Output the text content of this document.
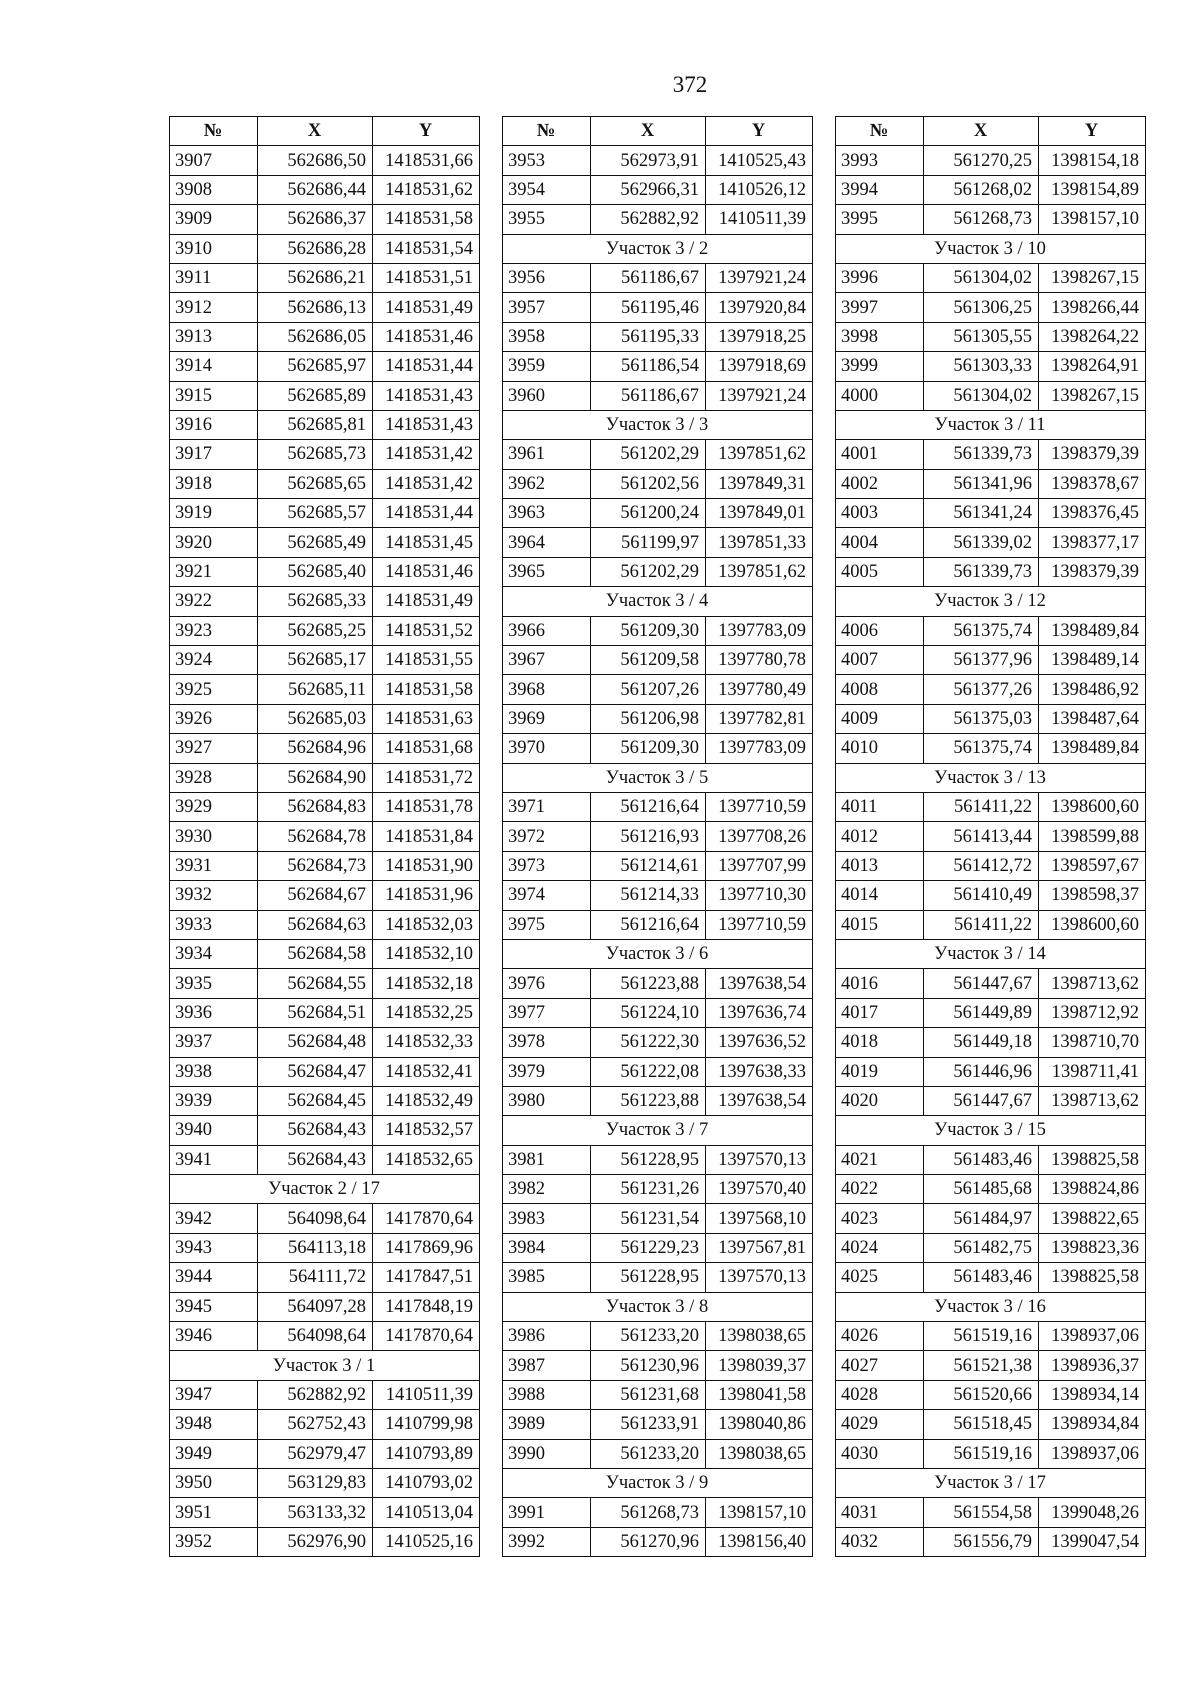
372
№	X	Y
3907	562686,50	1418531,66
3908	562686,44	1418531,62
3909	562686,37	1418531,58
3910	562686,28	1418531,54
3911	562686,21	1418531,51
3912	562686,13	1418531,49
3913	562686,05	1418531,46
3914	562685,97	1418531,44
3915	562685,89	1418531,43
3916	562685,81	1418531,43
3917	562685,73	1418531,42
3918	562685,65	1418531,42
3919	562685,57	1418531,44
3920	562685,49	1418531,45
3921	562685,40	1418531,46
3922	562685,33	1418531,49
3923	562685,25	1418531,52
3924	562685,17	1418531,55
3925	562685,11	1418531,58
3926	562685,03	1418531,63
3927	562684,96	1418531,68
3928	562684,90	1418531,72
3929	562684,83	1418531,78
3930	562684,78	1418531,84
3931	562684,73	1418531,90
3932	562684,67	1418531,96
3933	562684,63	1418532,03
3934	562684,58	1418532,10
3935	562684,55	1418532,18
3936	562684,51	1418532,25
3937	562684,48	1418532,33
3938	562684,47	1418532,41
3939	562684,45	1418532,49
3940	562684,43	1418532,57
3941	562684,43	1418532,65
Участок 2 / 17		
3942	564098,64	1417870,64
3943	564113,18	1417869,96
3944	564111,72	1417847,51
3945	564097,28	1417848,19
3946	564098,64	1417870,64
Участок 3 / 1		
3947	562882,92	1410511,39
3948	562752,43	1410799,98
3949	562979,47	1410793,89
3950	563129,83	1410793,02
3951	563133,32	1410513,04
3952	562976,90	1410525,16
№	X	Y
3953	562973,91	1410525,43
3954	562966,31	1410526,12
3955	562882,92	1410511,39
Участок 3 / 2		
3956	561186,67	1397921,24
3957	561195,46	1397920,84
3958	561195,33	1397918,25
3959	561186,54	1397918,69
3960	561186,67	1397921,24
Участок 3 / 3		
3961	561202,29	1397851,62
3962	561202,56	1397849,31
3963	561200,24	1397849,01
3964	561199,97	1397851,33
3965	561202,29	1397851,62
Участок 3 / 4		
3966	561209,30	1397783,09
3967	561209,58	1397780,78
3968	561207,26	1397780,49
3969	561206,98	1397782,81
3970	561209,30	1397783,09
Участок 3 / 5		
3971	561216,64	1397710,59
3972	561216,93	1397708,26
3973	561214,61	1397707,99
3974	561214,33	1397710,30
3975	561216,64	1397710,59
Участок 3 / 6		
3976	561223,88	1397638,54
3977	561224,10	1397636,74
3978	561222,30	1397636,52
3979	561222,08	1397638,33
3980	561223,88	1397638,54
Участок 3 / 7		
3981	561228,95	1397570,13
3982	561231,26	1397570,40
3983	561231,54	1397568,10
3984	561229,23	1397567,81
3985	561228,95	1397570,13
Участок 3 / 8		
3986	561233,20	1398038,65
3987	561230,96	1398039,37
3988	561231,68	1398041,58
3989	561233,91	1398040,86
3990	561233,20	1398038,65
Участок 3 / 9		
3991	561268,73	1398157,10
3992	561270,96	1398156,40
№	X	Y
3993	561270,25	1398154,18
3994	561268,02	1398154,89
3995	561268,73	1398157,10
Участок 3 / 10		
3996	561304,02	1398267,15
3997	561306,25	1398266,44
3998	561305,55	1398264,22
3999	561303,33	1398264,91
4000	561304,02	1398267,15
Участок 3 / 11		
4001	561339,73	1398379,39
4002	561341,96	1398378,67
4003	561341,24	1398376,45
4004	561339,02	1398377,17
4005	561339,73	1398379,39
Участок 3 / 12		
4006	561375,74	1398489,84
4007	561377,96	1398489,14
4008	561377,26	1398486,92
4009	561375,03	1398487,64
4010	561375,74	1398489,84
Участок 3 / 13		
4011	561411,22	1398600,60
4012	561413,44	1398599,88
4013	561412,72	1398597,67
4014	561410,49	1398598,37
4015	561411,22	1398600,60
Участок 3 / 14		
4016	561447,67	1398713,62
4017	561449,89	1398712,92
4018	561449,18	1398710,70
4019	561446,96	1398711,41
4020	561447,67	1398713,62
Участок 3 / 15		
4021	561483,46	1398825,58
4022	561485,68	1398824,86
4023	561484,97	1398822,65
4024	561482,75	1398823,36
4025	561483,46	1398825,58
Участок 3 / 16		
4026	561519,16	1398937,06
4027	561521,38	1398936,37
4028	561520,66	1398934,14
4029	561518,45	1398934,84
4030	561519,16	1398937,06
Участок 3 / 17		
4031	561554,58	1399048,26
4032	561556,79	1399047,54
